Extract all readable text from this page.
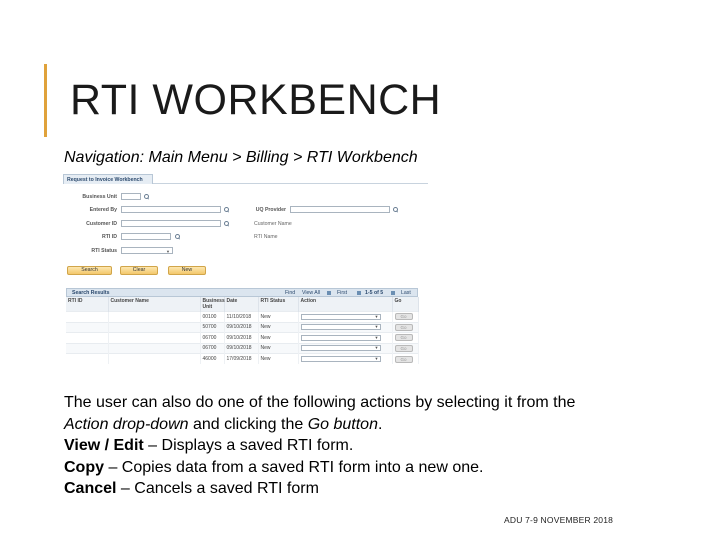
RTI WORKBENCH
Navigation: Main Menu > Billing > RTI Workbench
Request to Invoice Workbench
Business Unit
Entered By
Customer ID
RTI ID
RTI Status	▼
UQ Provider
Customer Name
RTI Name
Search	Clear	New
Search Results	Find View All	First	1-5 of 5	Last
RTI ID	Customer Name	Business Unit	Date	RTI Status	Action	Go
		00100	11/10/2018	New	▼	Go

		50700	09/10/2018	New	▼	Go

		06700	09/10/2018	New	▼	Go

		06700	09/10/2018	New	▼	Go

		46000	17/09/2018	New	▼	Go
The user can also do one of the following actions by selecting it from the
Action drop-down and clicking the Go button.
View / Edit – Displays a saved RTI form.
Copy – Copies data from a saved RTI form into a new one.
Cancel – Cancels a saved RTI form
ADU 7-9 NOVEMBER 2018
